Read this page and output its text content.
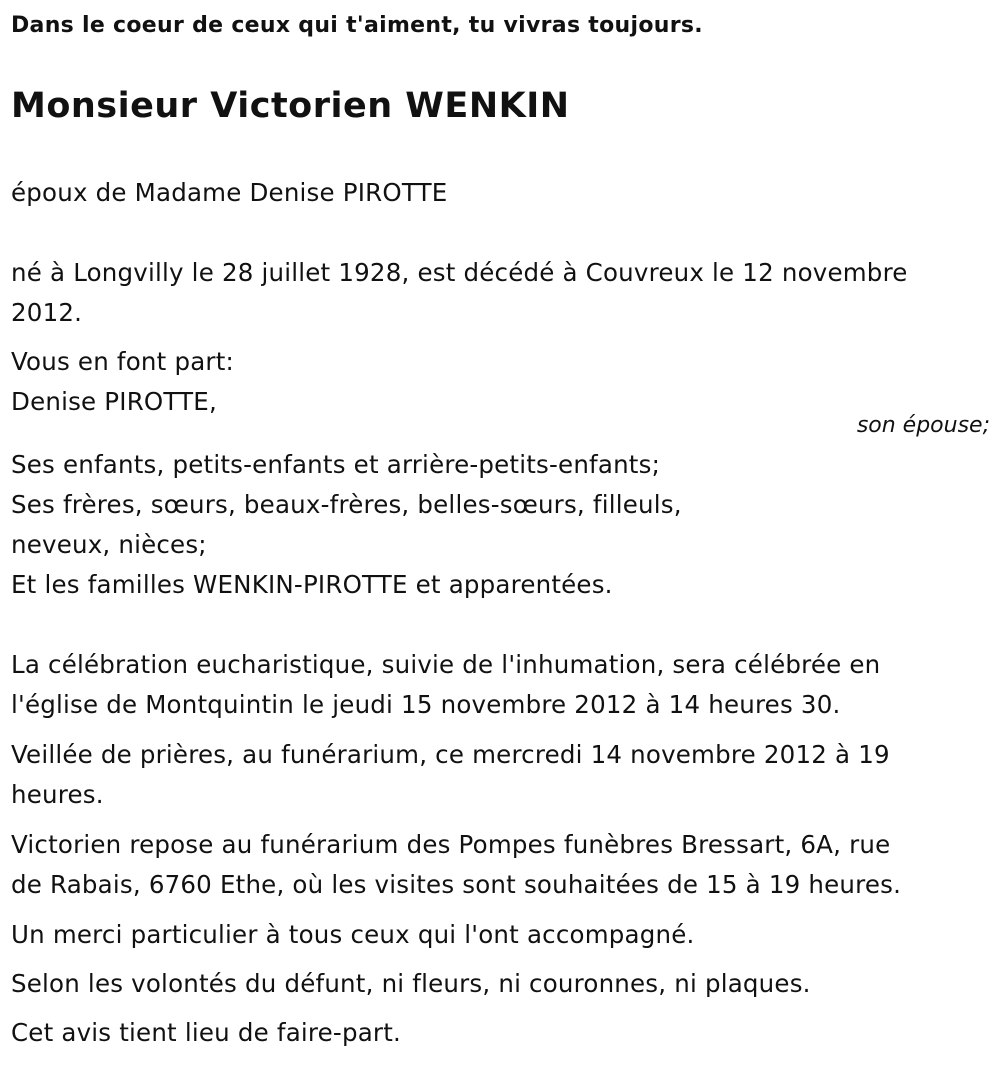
Dans le coeur de ceux qui t'aiment, tu vivras toujours.

Monsieur Victorien WENKIN

époux de Madame Denise PIROTTE

né à Longvilly le 28 juillet 1928, est décédé à Couvreux le 12 novembre

2012.

Vous en font part:

Denise PIROTTE,

son épouse;

Ses enfants, petits-enfants et arrière-petits-enfants;

Ses frères, sœurs, beaux-frères, belles-sœurs, filleuls,

neveux, nièces;

Et les familles WENKIN-PIROTTE et apparentées.

La célébration eucharistique, suivie de l'inhumation, sera célébrée en

l'église de Montquintin le jeudi 15 novembre 2012 à 14 heures 30.

Veillée de prières, au funérarium, ce mercredi 14 novembre 2012 à 19

heures.

Victorien repose au funérarium des Pompes funèbres Bressart, 6A, rue

de Rabais, 6760 Ethe, où les visites sont souhaitées de 15 à 19 heures.

Un merci particulier à tous ceux qui l'ont accompagné.

Selon les volontés du défunt, ni fleurs, ni couronnes, ni plaques.

Cet avis tient lieu de faire-part.
